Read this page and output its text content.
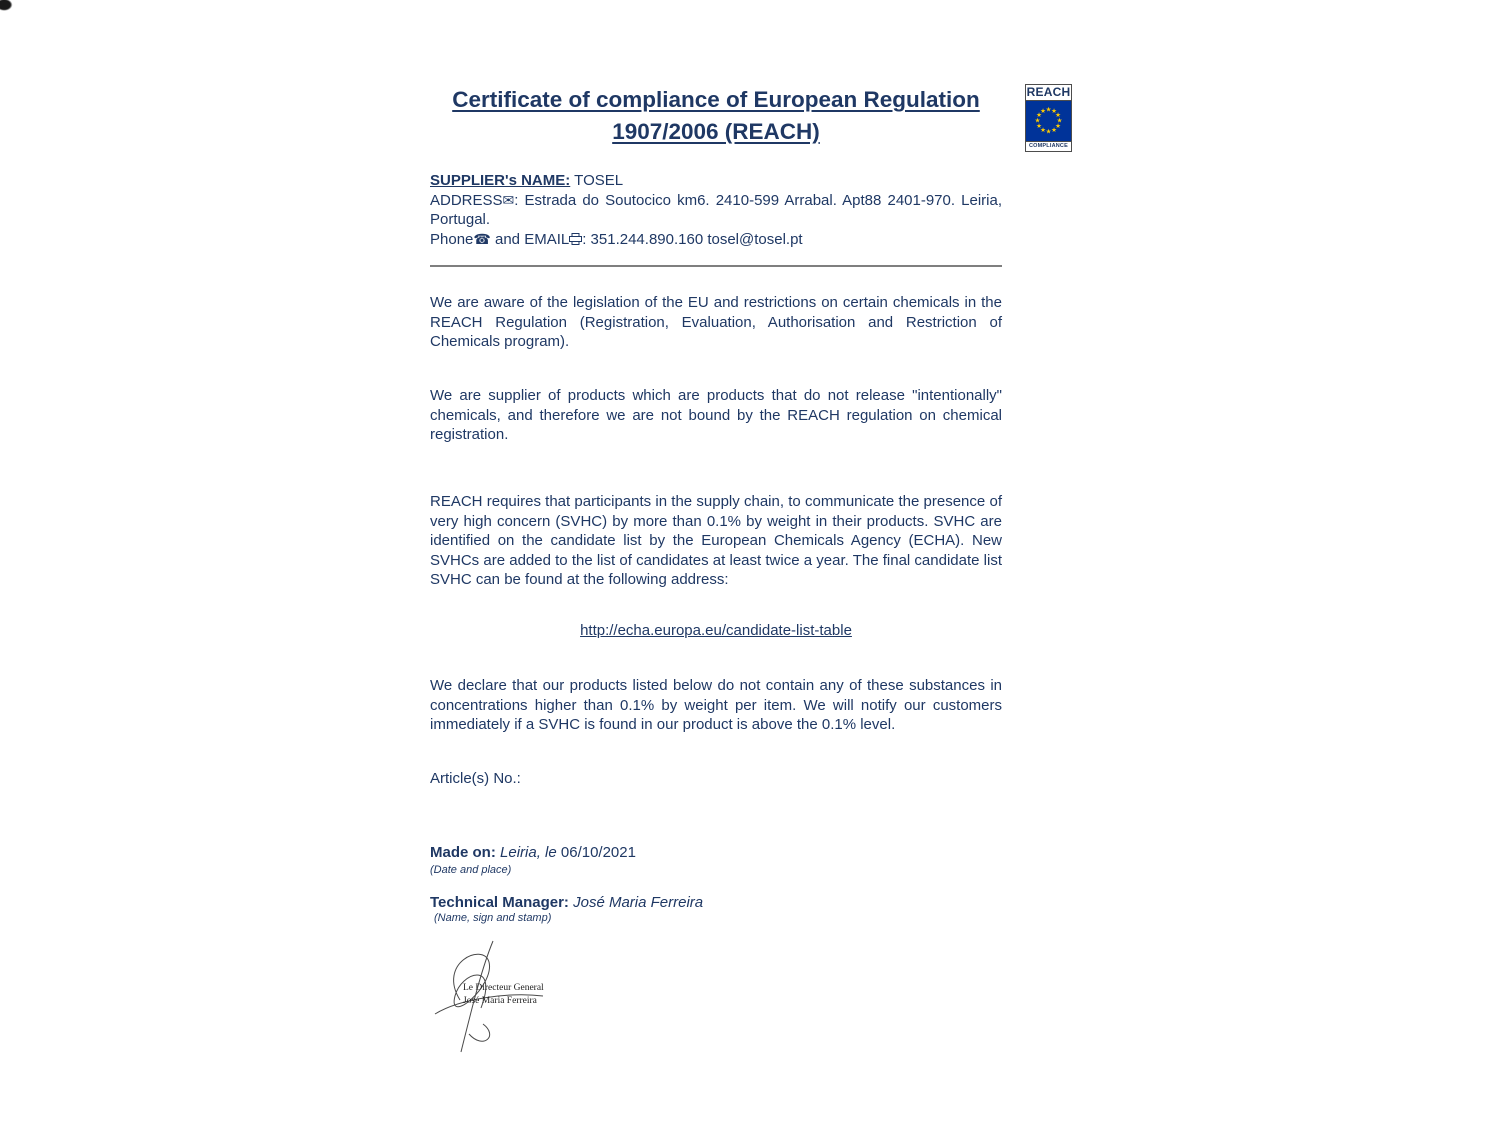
Certificate of compliance of European Regulation
1907/2006 (REACH)
REACH
★ ★
★
★
★
★
★
★
★
★
★
★
COMPLIANCE
SUPPLIER's NAME: TOSEL
ADDRESS✉: Estrada do Soutocico km6. 2410-599 Arrabal. Apt88 2401-970. Leiria, Portugal.
Phone☎ and EMAIL : 351.244.890.160 tosel@tosel.pt
We are aware of the legislation of the EU and restrictions on certain chemicals in the REACH Regulation (Registration, Evaluation, Authorisation and Restriction of Chemicals program).
We are supplier of products which are products that do not release "intentionally" chemicals, and therefore we are not bound by the REACH regulation on chemical registration.
REACH requires that participants in the supply chain, to communicate the presence of very high concern (SVHC) by more than 0.1% by weight in their products. SVHC are identified on the candidate list by the European Chemicals Agency (ECHA). New SVHCs are added to the list of candidates at least twice a year. The final candidate list SVHC can be found at the following address:
http://echa.europa.eu/candidate-list-table
We declare that our products listed below do not contain any of these substances in concentrations higher than 0.1% by weight per item. We will notify our customers immediately if a SVHC is found in our product is above the 0.1% level.
Article(s) No.:
Made on: Leiria, le 06/10/2021
(Date and place)
Technical Manager: José Maria Ferreira
(Name, sign and stamp)
Le Directeur General
José Maria Ferreira
